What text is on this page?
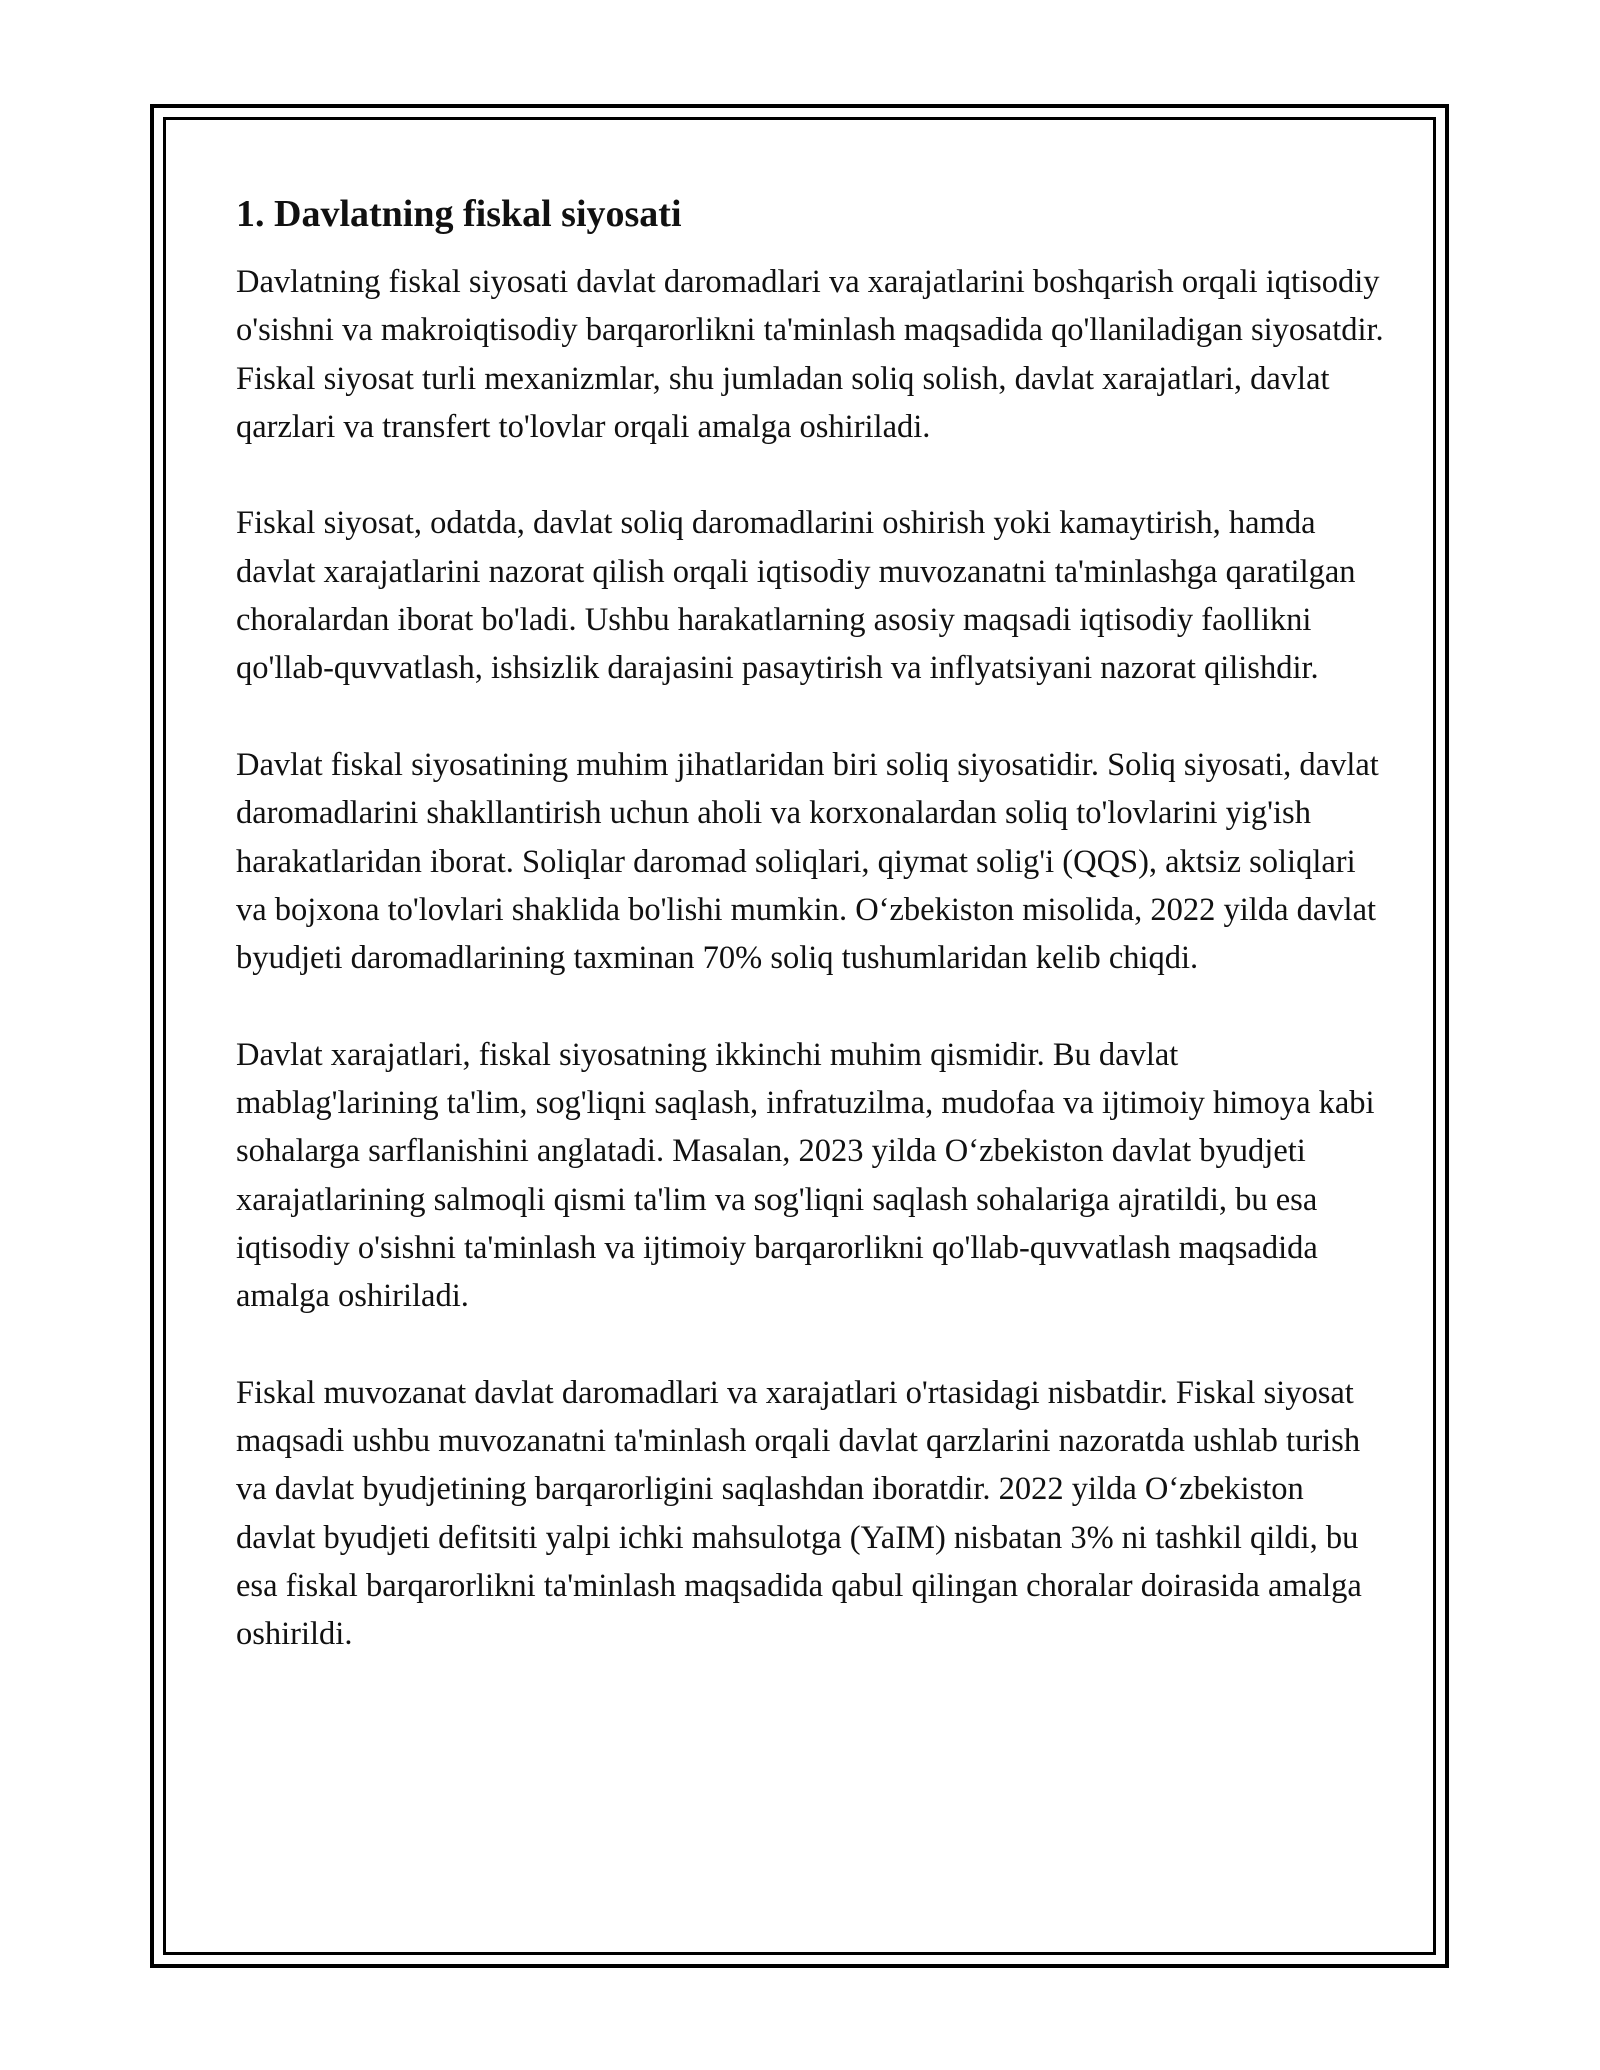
1. Davlatning fiskal siyosati

Davlatning fiskal siyosati davlat daromadlari va xarajatlarini boshqarish orqali iqtisodiy o'sishni va makroiqtisodiy barqarorlikni ta'minlash maqsadida qo'llaniladigan siyosatdir. Fiskal siyosat turli mexanizmlar, shu jumladan soliq solish, davlat xarajatlari, davlat qarzlari va transfert to'lovlar orqali amalga oshiriladi.

Fiskal siyosat, odatda, davlat soliq daromadlarini oshirish yoki kamaytirish, hamda davlat xarajatlarini nazorat qilish orqali iqtisodiy muvozanatni ta'minlashga qaratilgan choralardan iborat bo'ladi. Ushbu harakatlarning asosiy maqsadi iqtisodiy faollikni qo'llab-quvvatlash, ishsizlik darajasini pasaytirish va inflyatsiyani nazorat qilishdir.

Davlat fiskal siyosatining muhim jihatlaridan biri soliq siyosatidir. Soliq siyosati, davlat daromadlarini shakllantirish uchun aholi va korxonalardan soliq to'lovlarini yig'ish harakatlaridan iborat. Soliqlar daromad soliqlari, qiymat solig'i (QQS), aktsiz soliqlari va bojxona to'lovlari shaklida bo'lishi mumkin. O‘zbekiston misolida, 2022 yilda davlat byudjeti daromadlarining taxminan 70% soliq tushumlaridan kelib chiqdi.

Davlat xarajatlari, fiskal siyosatning ikkinchi muhim qismidir. Bu davlat mablag'larining ta'lim, sog'liqni saqlash, infratuzilma, mudofaa va ijtimoiy himoya kabi sohalarga sarflanishini anglatadi. Masalan, 2023 yilda O‘zbekiston davlat byudjeti xarajatlarining salmoqli qismi ta'lim va sog'liqni saqlash sohalariga ajratildi, bu esa iqtisodiy o'sishni ta'minlash va ijtimoiy barqarorlikni qo'llab-quvvatlash maqsadida amalga oshiriladi.

Fiskal muvozanat davlat daromadlari va xarajatlari o'rtasidagi nisbatdir. Fiskal siyosat maqsadi ushbu muvozanatni ta'minlash orqali davlat qarzlarini nazoratda ushlab turish va davlat byudjetining barqarorligini saqlashdan iboratdir. 2022 yilda O‘zbekiston davlat byudjeti defitsiti yalpi ichki mahsulotga (YaIM) nisbatan 3% ni tashkil qildi, bu esa fiskal barqarorlikni ta'minlash maqsadida qabul qilingan choralar doirasida amalga oshirildi.
